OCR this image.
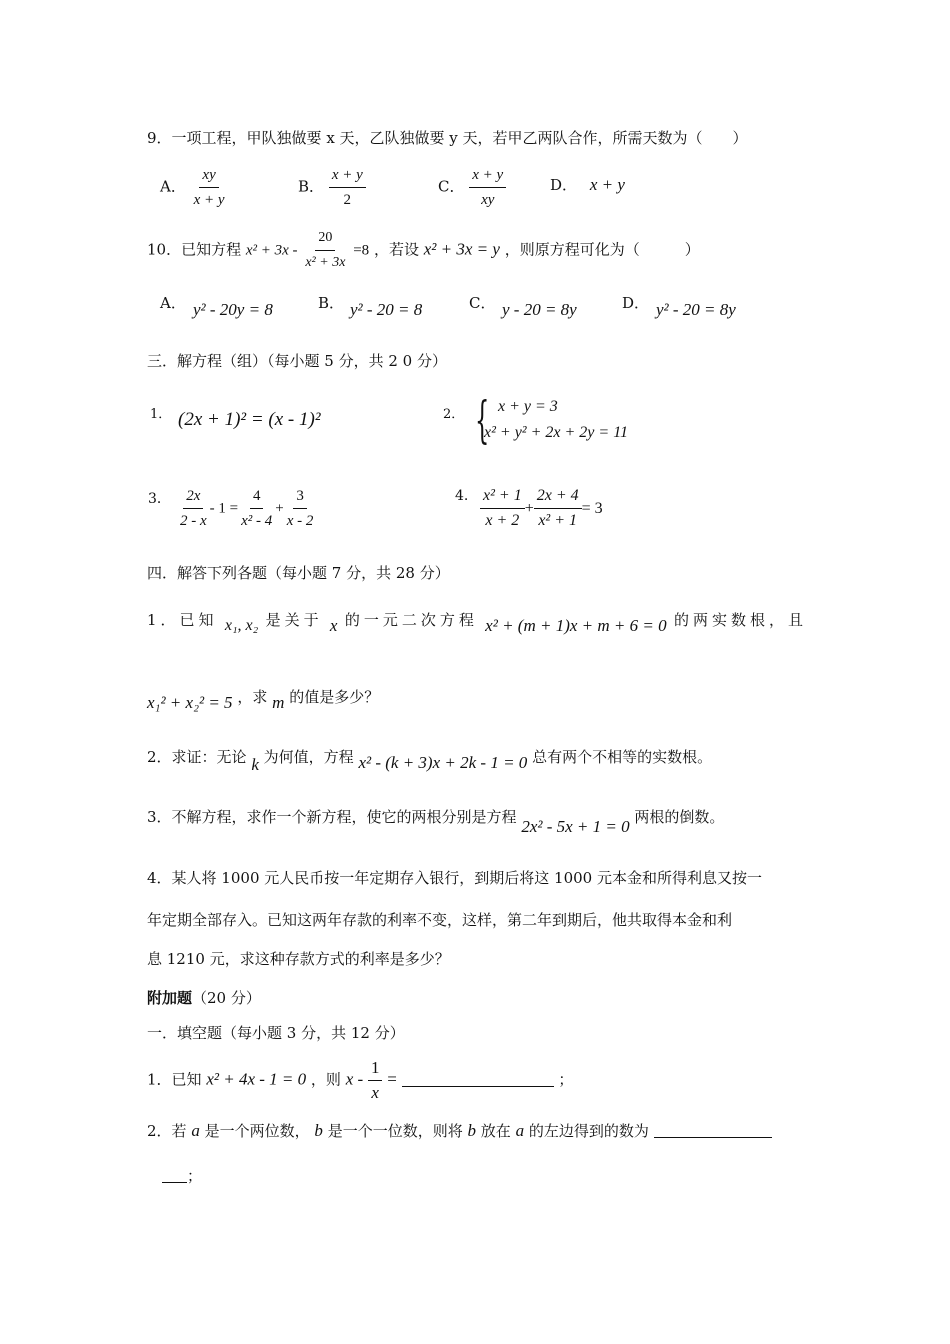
9．一项工程，甲队独做要 x 天，乙队独做要 y 天，若甲乙两队合作，所需天数为（　　）
A． $\frac{xy}{x + y}$	B． $\frac{x + y}{2}$	C． $\frac{x + y}{xy}$	D． x + y
10．已知方程 $x^2 + 3x - \frac{20}{\text{x² + 3x}} =8$ ，若设 x² + 3x = y ，则原方程可化为（　　　）
A． y² - 20y = 8	B． y² - 20 = 8	C． y - 20 = 8y	D． y² - 20 = 8y
三．解方程（组）（每小题 5 分，共 2 0 分）
1． (2x + 1)² = (x - 1)²	2． { x + y = 3
x² + y² + 2x + 2y = 11
3． $\frac{2x}{2 - x} - 1 = \frac{4}{\text{x² - 4}} + \frac{3}{x - 2}$	4. $\frac{\text{x² + 1}}{x + 2} + \frac{2x + 4}{\text{x² + 1}} = 3$
四．解答下列各题（每小题 7 分，共 28 分）
1．已知 x₁, x₂ 是关于 x 的一元二次方程 x² + (m + 1)x + m + 6 = 0 的两实数根，且
x₁² + x₂² = 5 ，求 m 的值是多少？
2．求证：无论 k 为何值，方程 x² - (k + 3)x + 2k - 1 = 0 总有两个不相等的实数根。
3．不解方程，求作一个新方程，使它的两根分别是方程 2x² - 5x + 1 = 0 两根的倒数。
4．某人将 1000 元人民币按一年定期存入银行，到期后将这 1000 元本金和所得利息又按一
年定期全部存入。已知这两年存款的利率不变，这样，第二年到期后，他共取得本金和利
息 1210 元，求这种存款方式的利率是多少？
附加题（20 分）
一．填空题（每小题 3 分，共 12 分）
1．已知 x² + 4x - 1 = 0 ，则 x - $\frac{1}{x}$ =	；
2．若 a 是一个两位数， b 是一个一位数，则将 b 放在 a 的左边得到的数为
；
